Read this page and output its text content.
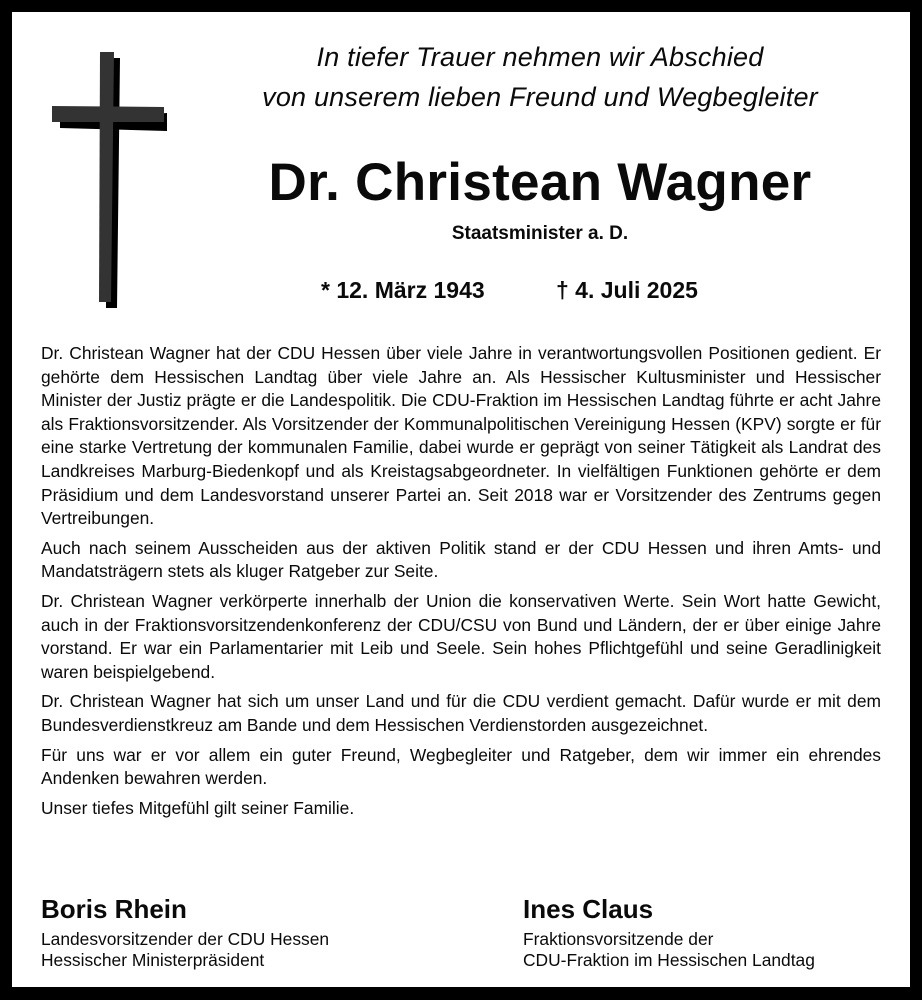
In tiefer Trauer nehmen wir Abschied
von unserem lieben Freund und Wegbegleiter
Dr. Christean Wagner
Staatsminister a. D.

Dr. Christean Wagner hat der CDU Hessen über viele Jahre in verantwortungsvollen Positionen gedient. Er gehörte dem Hessischen Landtag über viele Jahre an. Als Hessischer Kultusminister und Hessischer Minister der Justiz prägte er die Landespolitik. Die CDU-Fraktion im Hessischen Landtag führte er acht Jahre als Fraktionsvorsitzender. Als Vorsitzender der Kommunalpolitischen Vereinigung Hessen (KPV) sorgte er für eine starke Vertretung der kommunalen Familie, dabei wurde er geprägt von seiner Tätigkeit als Landrat des Landkreises Marburg-Biedenkopf und als Kreistagsabgeordneter. In vielfältigen Funktionen gehörte er dem Präsidium und dem Landesvorstand unserer Partei an. Seit 2018 war er Vorsitzender des Zentrums gegen Vertreibungen.

Auch nach seinem Ausscheiden aus der aktiven Politik stand er der CDU Hessen und ihren Amts- und Mandatsträgern stets als kluger Ratgeber zur Seite.

Dr. Christean Wagner verkörperte innerhalb der Union die konservativen Werte. Sein Wort hatte Gewicht, auch in der Fraktionsvorsitzendenkonferenz der CDU/CSU von Bund und Ländern, der er über einige Jahre vorstand. Er war ein Parlamentarier mit Leib und Seele. Sein hohes Pflichtgefühl und seine Geradlinigkeit waren beispielgebend.

Dr. Christean Wagner hat sich um unser Land und für die CDU verdient gemacht. Dafür wurde er mit dem Bundesverdienstkreuz am Bande und dem Hessischen Verdienstorden ausgezeichnet.

Für uns war er vor allem ein guter Freund, Wegbegleiter und Ratgeber, dem wir immer ein ehrendes Andenken bewahren werden.

Unser tiefes Mitgefühl gilt seiner Familie.

Boris Rhein
Landesvorsitzender der CDU Hessen
Hessischer Ministerpräsident
Ines Claus
Fraktionsvorsitzende der
CDU-Fraktion im Hessischen Landtag
* 12. März 1943	† 4. Juli 2025
